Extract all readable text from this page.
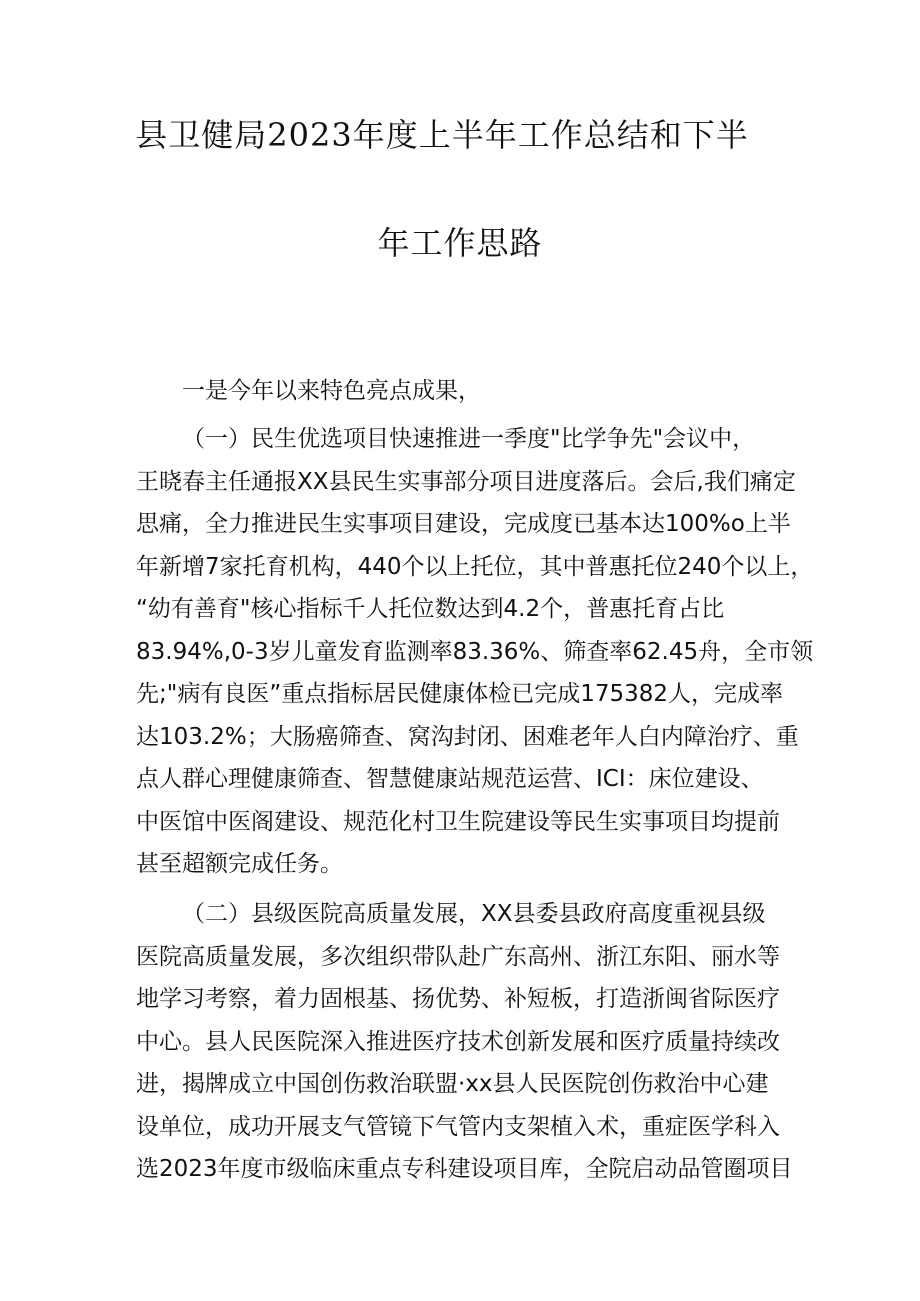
县卫健局2023年度上半年工作总结和下半
年工作思路
一是今年以来特色亮点成果，
（一）民生优选项目快速推进一季度"比学争先"会议中，
王晓春主任通报XX县民生实事部分项目进度落后。会后,我们痛定
思痛，全力推进民生实事项目建设，完成度已基本达100%o上半
年新增7家托育机构，440个以上托位，其中普惠托位240个以上，
“幼有善育"核心指标千人托位数达到4.2个，普惠托育占比
83.94%,0-3岁儿童发育监测率83.36%、筛查率62.45舟，全市领
先;"病有良医”重点指标居民健康体检已完成175382人，完成率
达103.2%；大肠癌筛查、窝沟封闭、困难老年人白内障治疗、重
点人群心理健康筛查、智慧健康站规范运营、ICI：床位建设、
中医馆中医阁建设、规范化村卫生院建设等民生实事项目均提前
甚至超额完成任务。
（二）县级医院高质量发展，XX县委县政府高度重视县级
医院高质量发展，多次组织带队赴广东高州、浙江东阳、丽水等
地学习考察，着力固根基、扬优势、补短板，打造浙闽省际医疗
中心。县人民医院深入推进医疗技术创新发展和医疗质量持续改
进，揭牌成立中国创伤救治联盟·xx县人民医院创伤救治中心建
设单位，成功开展支气管镜下气管内支架植入术，重症医学科入
选2023年度市级临床重点专科建设项目库，全院启动品管圈项目
